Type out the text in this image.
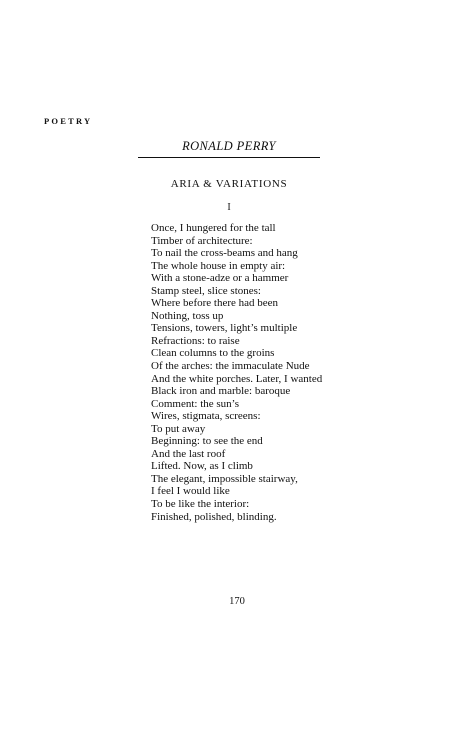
POETRY
RONALD PERRY
ARIA & VARIATIONS
I
Once, I hungered for the tall
Timber of architecture:
To nail the cross-beams and hang
The whole house in empty air:
With a stone-adze or a hammer
Stamp steel, slice stones:
Where before there had been
Nothing, toss up
Tensions, towers, light’s multiple
Refractions: to raise
Clean columns to the groins
Of the arches: the immaculate Nude
And the white porches. Later, I wanted
Black iron and marble: baroque
Comment: the sun’s
Wires, stigmata, screens:
To put away
Beginning: to see the end
And the last roof
Lifted. Now, as I climb
The elegant, impossible stairway,
I feel I would like
To be like the interior:
Finished, polished, blinding.
170
